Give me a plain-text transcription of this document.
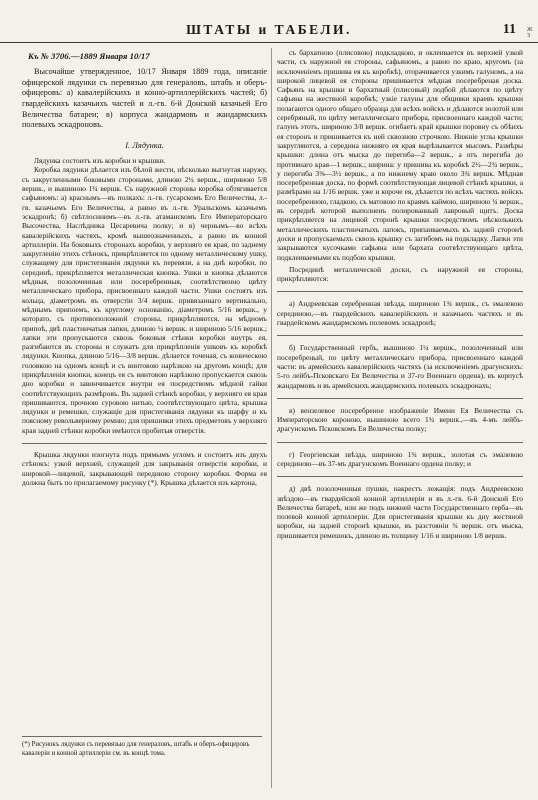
ШТАТЫ и ТАБЕЛИ.	11 ж з

Къ № 3706.—1889 Января 10/17

Высочайше утвержденное, 10/17 Января 1889 года, описаніе офицерской лядунки съ перевязью для генераловъ, штабъ и оберъ-офицеровъ: а) кавалерійскихъ и конно-артиллерійскихъ частей; б) гвардейскихъ казачьихъ частей и л.-гв. 6-й Донской казачьей Его Величества батареи; в) корпуса жандармовъ и жандармскихъ полевыхъ эскадроновъ.

I. Лядунка.

Лядунка состоитъ изъ коробки и крышки.

Коробка лядунки дѣлается изъ бѣлой жести, нѣсколько выгнутая наружу, съ закругленными боковыми сторонами, длиною 2¼ вершк., шириною 5/8 вершк., и вышиною 1¼ вершк. Съ наружной стороны коробка обтягивается сафьяномъ: а) краснымъ—въ полкахъ: л.-гв. гусарскомъ Его Величества, л.-гв. казачьемъ Его Величества, а равно въ л.-гв. Уральскомъ казачьемъ эскадронѣ; б) свѣтлосинимъ—въ л.-гв. атаманскомъ Его Императорскаго Высочества, Наслѣдника Цесаревича полку; и в) чернымъ—во всѣхъ кавалерійскихъ частяхъ, кромѣ вышеозначенныхъ, а равно въ конной артиллеріи. На боковыхъ сторонахъ коробки, у верхняго ея края, по заднему закругленію этихъ стѣнокъ, прикрѣпляется по одному металлическому ушку, служащему для пристегиванія лядунки къ перевязи, а на днѣ коробки, по серединѣ, прикрѣпляется металлическая кнопка. Ушки и кнопка дѣлаются мѣдныя, позолоченныя или посеребренныя, соотвѣтственно цвѣту металлическаго прибора, присвоеннаго каждой части. Ушки состоятъ изъ кольца, діаметромъ въ отверстіи 3/4 вершк. привязаннаго вертикально, мѣднымъ припоемъ, къ круглому основанію, діаметромъ 5/16 вершк., у которато, съ противоположной стороны, прикрѣпляются, на мѣдномъ припоѣ, двѣ пластинчатыя лапки, длиною ¼ вершк. и шириною 5/16 вершк.; лапки эти пропускаются сквозь боковыя стѣнки коробки внутрь ея, разгибаются въ стороны и служатъ для прикрѣпленія ушковъ къ коробкѣ лядунки. Кнопка, длиною 5/16—3/8 вершк. дѣлается точеная, съ коническою головкою на одномъ концѣ и съ винтовою нарѣзкою на другомъ концѣ; для прикрѣпленія кнопки, конецъ ея съ винтовою нарѣзкою пропускается сквозь дно коробки и завинчивается внутри ея посредствомъ мѣдной гайки соотвѣтствующихъ размѣровъ. Въ задней стѣнкѣ коробки, у верхняго ея края пришиваются, прочною суровою нитью, соотвѣтствующаго цвѣта, крышка лядунки и ремешки, служащіе для пристегиванія лядунки къ шарфу и къ поясному револьверному ремню; для пришивки этихъ предметовъ у верхняго края задней стѣнки коробки имѣются пробитыя отверстія.

Крышка лядунки изогнута подъ прямымъ угломъ и состоитъ изъ двухъ стѣнокъ: узкой верхней, служащей для закрыванія отверстія коробки, и широкой—лицевой, закрывающей переднюю сторону коробки. Форма ея должна быть по прилагаемому рисунку (*). Крышка дѣлается изъ картона,

(*) Рисунокъ лядунки съ перевязью для генераловъ, штабъ и оберъ-офицеровъ кавалеріи и конной артиллеріи см. въ концѣ тома.

съ бархатною (плисовою) подкладкою, и оклеивается въ верхней узкой части, съ наружной ея стороны, сафьяномъ, а равно по краю, кругомъ (за исключеніемъ пришива ея къ коробкѣ), оторачивается узкимъ галуномъ, а на широкой лицевой ея стороны пришивается мѣдная посеребреная доска. Сафьянъ на крышки и бархатный (плисовый) подбой дѣлаются по цвѣту сафьяна на жестяной коробкѣ; узкіе галуны для общивки краевъ крышки полагаются одного общаго образца для всѣхъ войскъ и дѣлаются золотой или серебряный, по цвѣту металлическаго прибора, присвоеннаго каждой части; галунъ этотъ, шириною 3/8 вершк. огибаетъ край крышки поровну съ обѣихъ ея сторонъ и пришивается къ ней сквозною строчкою. Нижніе углы крышки закругляются, а середина нижняго ея края вырѣзывается мысомъ. Размѣры крышки: длина отъ мыска до перегиба—2 вершк., а отъ перегиба до противнаго края—1 вершк.; ширина: у пришива къ коробкѣ 2½—2¾ вершк., у перегиба 3⅝—3½ вершк., а по нижнему краю около 3¾ вершк. Мѣдная посеребренная доска, по формѣ соотвѣтствующая лицевой стѣнкѣ крышки, а размѣрами на 1/16 вершк. уже и короче ея, дѣлается по всѣхъ частяхъ войскъ посеребренною, гладкою, съ матовою по краямъ каймою, шириною ¼ вершк., въ середнѣ которой выполненъ полированный лавровый щитъ. Доска прикрѣпляется на лицевой сторонѣ крышки посредствомъ нѣсколькихъ металлическихъ пластинчатыхъ лапокъ, припаиваемыхъ къ задней сторонѣ доски и пропускаемыхъ сквозь крышку съ загибомъ на подкладку. Лапки эти закрываются кусочками сафьяна или бархата соотвѣтствующаго цвѣта, подклеиваемыми къ подбою крышки.

Посрединѣ металлической доски, съ наружной ея стороны, прикрѣпляются:

а) Андреевская серебренная звѣзда, шириною 1¾ вершк., съ эмалевою серединою,—въ гвардейскихъ кавалерійскихъ и казачьихъ частяхъ и въ гвардейскомъ жандармскомъ полевомъ эскадронѣ;

б) Государственный гербъ, вышиною 1¼ вершк., позолоченный или посеребреный, по цвѣту металлическаго прибора, присвоеннаго каждой части: въ армейскихъ кавалерійскихъ частяхъ (за исключеніемъ драгунскихъ: 5-го лейбъ-Псковскаго Ея Величества и 37-го Военнаго ордена), въ корпусѣ жандармовъ и въ армейскихъ жандармскихъ полевыхъ эскадронахъ;

в) вензелевое посеребреное изображеніе Имени Ея Величества съ Императорскою короною, вышиною всего 1¾ вершк.,—въ 4-мъ лейбъ-драгунскомъ Псковскомъ Ея Величества полку;

г) Георгіевская звѣзда, шириною 1¾ вершк., золотая съ эмалевою серединою—въ 37-мъ драгунскомъ Военнаго ордена полку; и

д) двѣ позолоченныя пушки, накрестъ лежащія: подъ Андреевскою звѣздою—въ гвардейской конной артиллеріи и въ л.-гв. 6-й Донской Его Величества батареѣ, или же подъ нижней части Государственнаго герба—въ полевой конной артиллеріи. Для пристегиванія крышки къ дну жестяной коробки, на задней сторонѣ крышки, въ разстояніи ¾ вершк. отъ мыска, пришивается ремешокъ, длиною въ толщину 1/16 и шириною 1/8 вершк.
